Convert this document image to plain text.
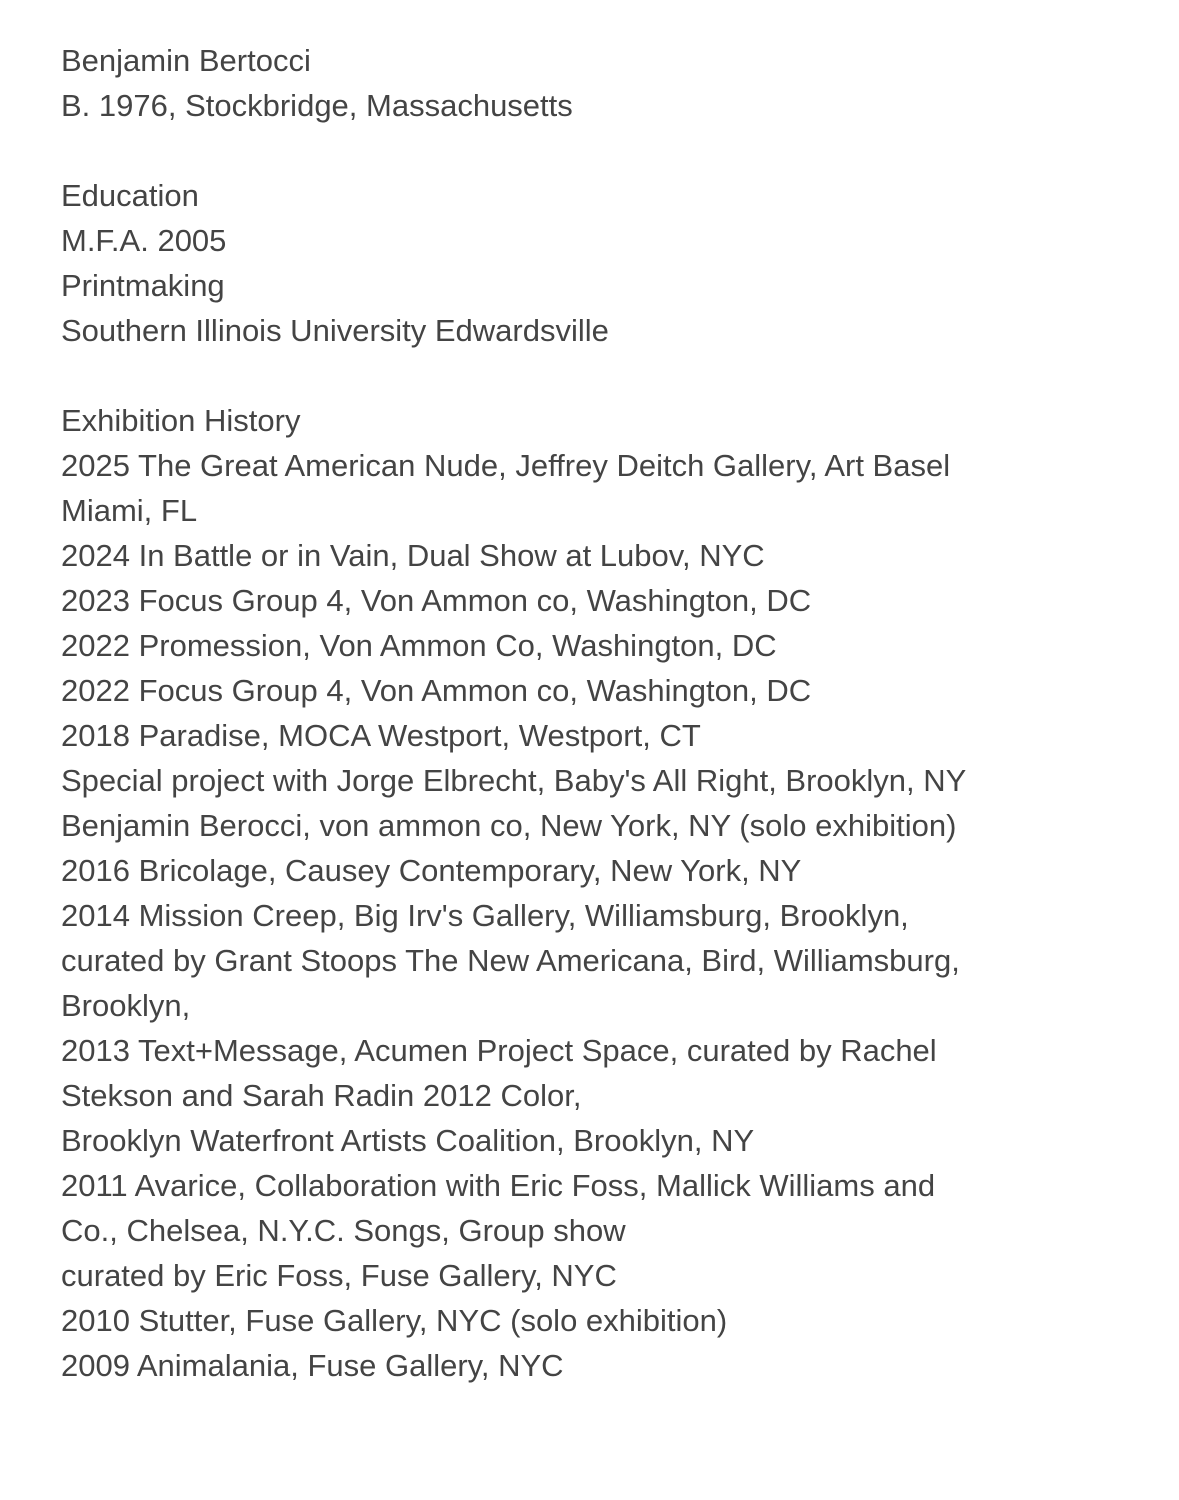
Benjamin Bertocci
B. 1976, Stockbridge, Massachusetts
Education
M.F.A. 2005
Printmaking
Southern Illinois University Edwardsville
Exhibition History
2025 The Great American Nude, Jeffrey Deitch Gallery, Art Basel
Miami, FL
2024 In Battle or in Vain, Dual Show at Lubov, NYC
2023 Focus Group 4, Von Ammon co, Washington, DC
2022 Promession, Von Ammon Co, Washington, DC
2022 Focus Group 4, Von Ammon co, Washington, DC
2018 Paradise, MOCA Westport, Westport, CT
Special project with Jorge Elbrecht, Baby's All Right, Brooklyn, NY
Benjamin Berocci, von ammon co, New York, NY (solo exhibition)
2016 Bricolage, Causey Contemporary, New York, NY
2014 Mission Creep, Big Irv's Gallery, Williamsburg, Brooklyn,
curated by Grant Stoops The New Americana, Bird, Williamsburg,
Brooklyn,
2013 Text+Message, Acumen Project Space, curated by Rachel
Stekson and Sarah Radin 2012 Color,
Brooklyn Waterfront Artists Coalition, Brooklyn, NY
2011 Avarice, Collaboration with Eric Foss, Mallick Williams and
Co., Chelsea, N.Y.C. Songs, Group show
curated by Eric Foss, Fuse Gallery, NYC
2010 Stutter, Fuse Gallery, NYC (solo exhibition)
2009 Animalania, Fuse Gallery, NYC
